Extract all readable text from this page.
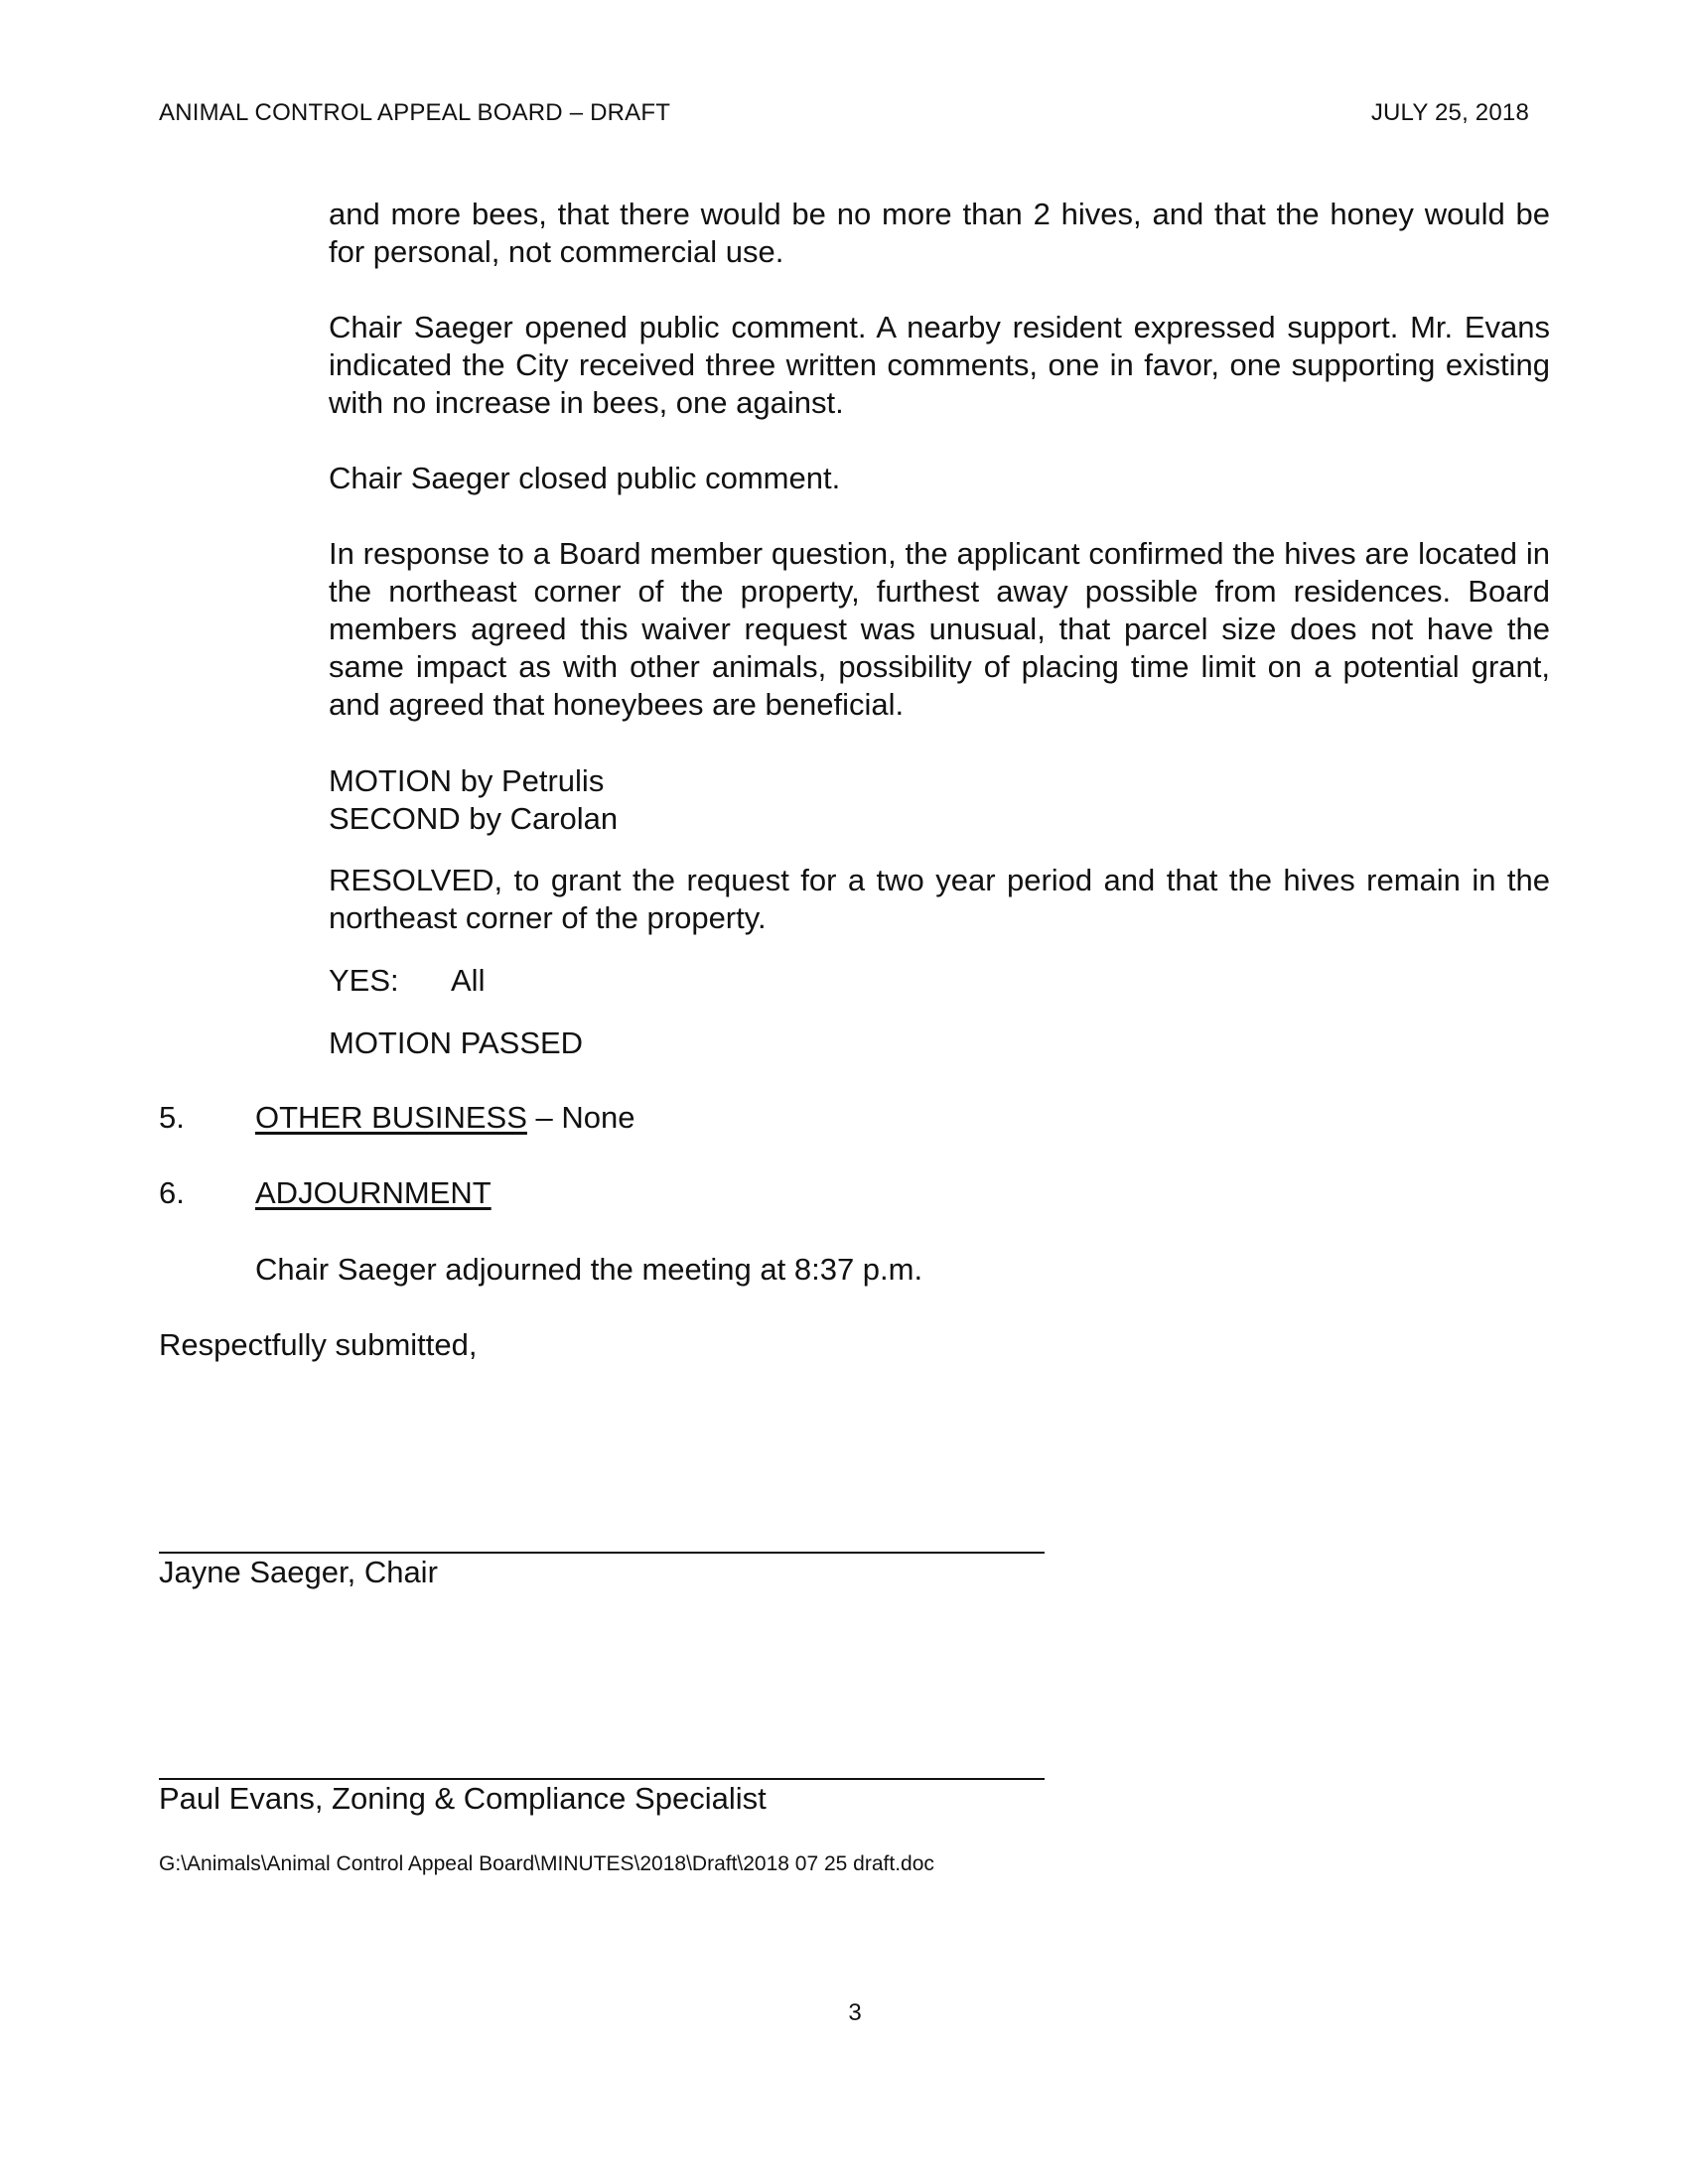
ANIMAL CONTROL APPEAL BOARD – DRAFT	JULY 25, 2018

and more bees, that there would be no more than 2 hives, and that the honey would be for personal, not commercial use.

Chair Saeger opened public comment. A nearby resident expressed support. Mr. Evans indicated the City received three written comments, one in favor, one supporting existing with no increase in bees, one against.

Chair Saeger closed public comment.

In response to a Board member question, the applicant confirmed the hives are located in the northeast corner of the property, furthest away possible from residences. Board members agreed this waiver request was unusual, that parcel size does not have the same impact as with other animals, possibility of placing time limit on a potential grant, and agreed that honeybees are beneficial.

MOTION by Petrulis
SECOND by Carolan

RESOLVED, to grant the request for a two year period and that the hives remain in the northeast corner of the property.

YES: All
MOTION PASSED
5. OTHER BUSINESS – None
6. ADJOURNMENT
Chair Saeger adjourned the meeting at 8:37 p.m.
Respectfully submitted,
Jayne Saeger, Chair
Paul Evans, Zoning & Compliance Specialist
G:\Animals\Animal Control Appeal Board\MINUTES\2018\Draft\2018 07 25 draft.doc
3
